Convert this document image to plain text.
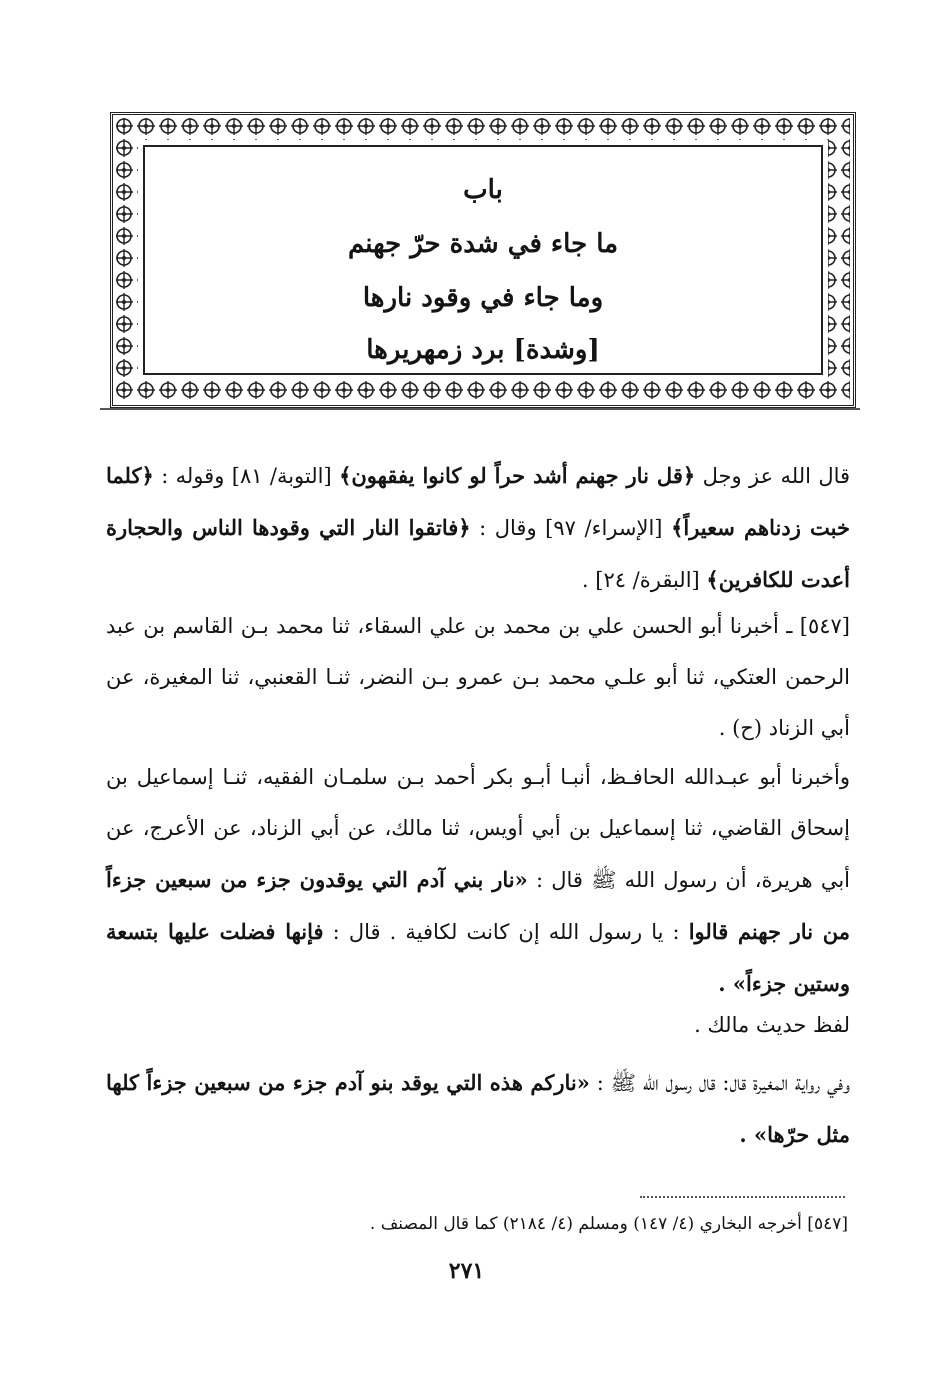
باب
ما جاء في شدة حرّ جهنم
وما جاء في وقود نارها
[وشدة] برد زمهريرها
قال الله عز وجل ﴿قل نار جهنم أشد حراً لو كانوا يفقهون﴾ [التوبة/ ٨١] وقوله : ﴿كلما خبت زدناهم سعيراً﴾ [الإسراء/ ٩٧] وقال : ﴿فاتقوا النار التي وقودها الناس والحجارة أعدت للكافرين﴾ [البقرة/ ٢٤] .
[٥٤٧] ـ أخبرنا أبو الحسن علي بن محمد بن علي السقاء، ثنا محمد بـن القاسم بن عبد الرحمن العتكي، ثنا أبو علـي محمد بـن عمرو بـن النضر، ثنـا القعنبي، ثنا المغيرة، عن أبي الزناد (ح) .
وأخبرنا أبو عبـدالله الحافـظ، أنبـا أبـو بكر أحمد بـن سلمـان الفقيه، ثنـا إسماعيل بن إسحاق القاضي، ثنا إسماعيل بن أبي أويس، ثنا مالك، عن أبي الزناد، عن الأعرج، عن أبي هريرة، أن رسول الله ﷺ قال : «نار بني آدم التي يوقدون جزء من سبعين جزءاً من نار جهنم قالوا : يا رسول الله إن كانت لكافية . قال : فإنها فضلت عليها بتسعة وستين جزءاً» .
لفظ حديث مالك .
وفي رواية المغيرة قال: قال رسول الله ﷺ : «ناركم هذه التي يوقد بنو آدم جزء من سبعين جزءاً كلها مثل حرّها» .
[٥٤٧] أخرجه البخاري (٤/ ١٤٧) ومسلم (٤/ ٢١٨٤) كما قال المصنف .
٢٧١
